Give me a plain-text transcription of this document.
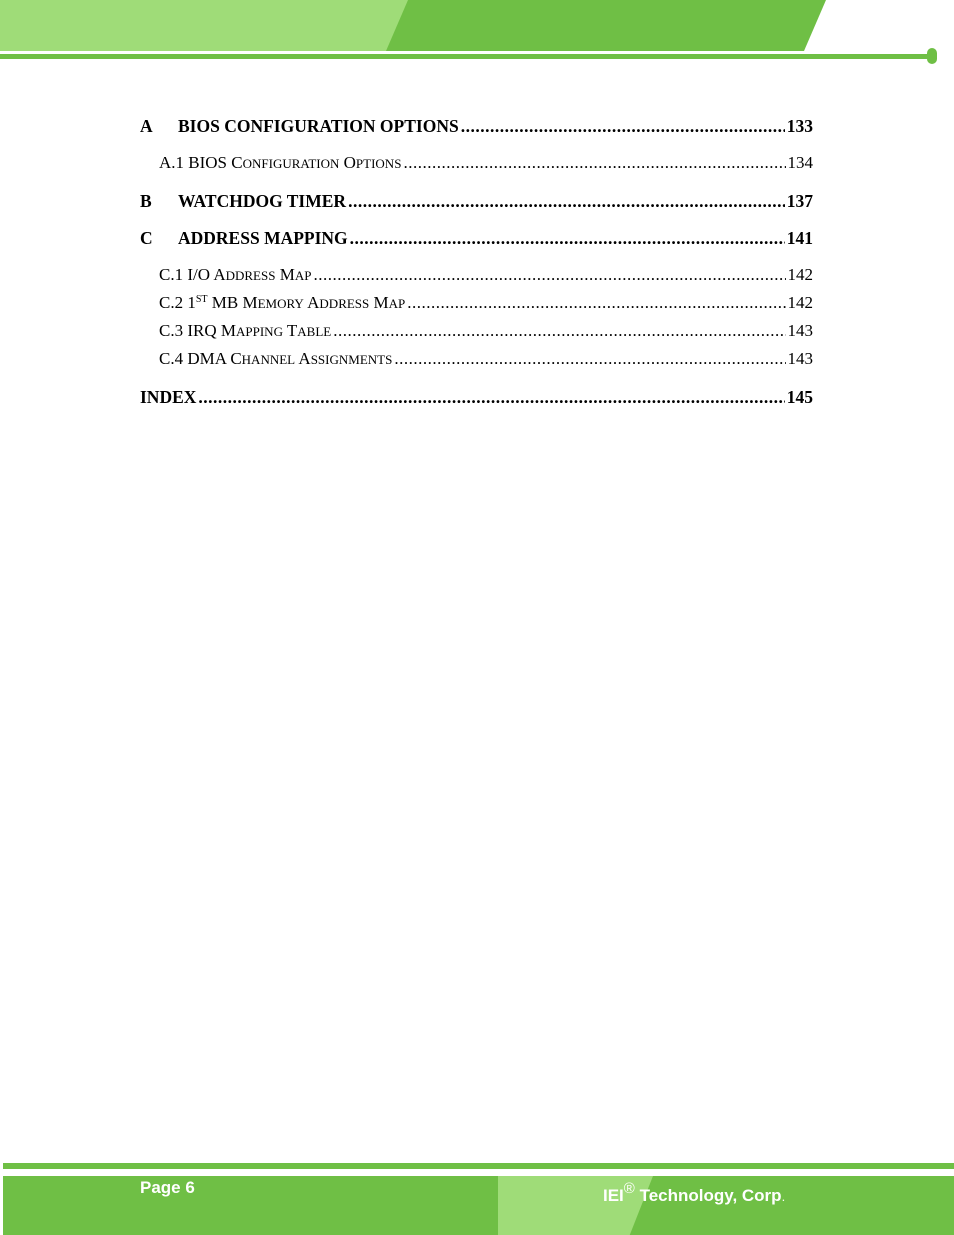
A	BIOS CONFIGURATION OPTIONS .....	133
A.1 BIOS CONFIGURATION OPTIONS .....	134
B	WATCHDOG TIMER .....	137
C	ADDRESS MAPPING .....	141
C.1 I/O ADDRESS MAP .....	142
C.2 1ST MB MEMORY ADDRESS MAP .....	142
C.3 IRQ MAPPING TABLE .....	143
C.4 DMA CHANNEL ASSIGNMENTS .....	143
INDEX .....	145
Page 6	IEI® Technology, Corp.
